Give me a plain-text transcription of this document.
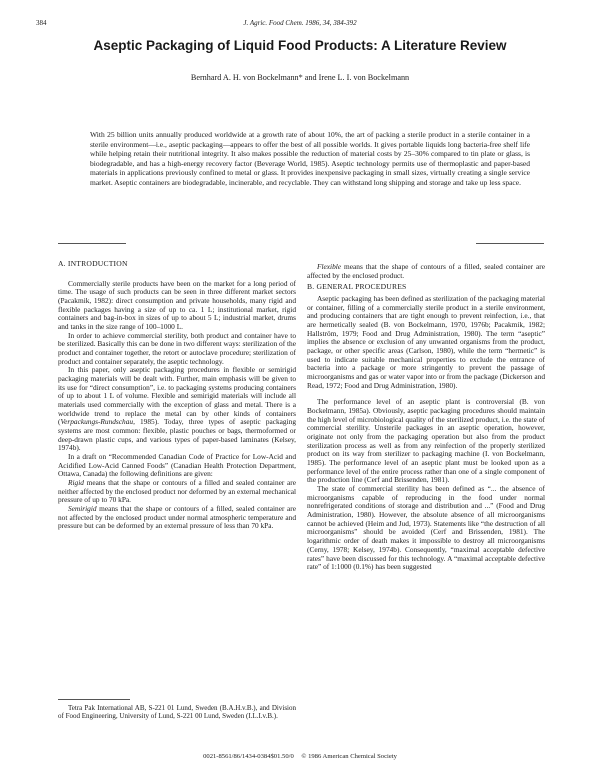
384	J. Agric. Food Chem. 1986, 34, 384-392
Aseptic Packaging of Liquid Food Products: A Literature Review
Bernhard A. H. von Bockelmann* and Irene L. I. von Bockelmann

With 25 billion units annually produced worldwide at a growth rate of about 10%, the art of packing a sterile product in a sterile container in a sterile environment—i.e., aseptic packaging—appears to offer the best of all possible worlds. It gives portable liquids long bacteria-free shelf life while helping retain their nutritional integrity. It also makes possible the reduction of material costs by 25–30% compared to tin plate or glass, is biodegradable, and has a high-energy recovery factor (Beverage World, 1985). Aseptic technology permits use of thermoplastic and paper-based materials in applications previously confined to metal or glass. It provides inexpensive packaging in small sizes, virtually creating a single service market. Aseptic containers are biodegradable, incinerable, and recyclable. They can withstand long shipping and storage and take up less space.

A. INTRODUCTION

Commercially sterile products have been on the market for a long period of time. The usage of such products can be seen in three different market sectors (Pacakmik, 1982): direct consumption and private households, many rigid and flexible packages having a size of up to ca. 1 L; institutional market, rigid containers and bag-in-box in sizes of up to about 5 L; industrial market, drums and tanks in the size range of 100–1000 L.

In order to achieve commercial sterility, both product and container have to be sterilized. Basically this can be done in two different ways: sterilization of the product and container together, the retort or autoclave procedure; sterilization of product and container separately, the aseptic technology.

In this paper, only aseptic packaging procedures in flexible or semirigid packaging materials will be dealt with. Further, main emphasis will be given to its use for “direct consumption”, i.e. to packaging systems producing containers of up to about 1 L of volume. Flexible and semirigid materials will include all materials used commercially with the exception of glass and metal. There is a worldwide trend to replace the metal can by other kinds of containers (Verpackungs-Rundschau, 1985). Today, three types of aseptic packaging systems are most common: flexible, plastic pouches or bags, thermoformed or deep-drawn plastic cups, and various types of paper-based laminates (Kelsey, 1974b).

In a draft on “Recommended Canadian Code of Practice for Low-Acid and Acidified Low-Acid Canned Foods” (Canadian Health Protection Department, Ottawa, Canada) the following definitions are given:

Rigid means that the shape or contours of a filled and sealed container are neither affected by the enclosed product nor deformed by an external mechanical pressure of up to 70 kPa.

Semirigid means that the shape or contours of a filled, sealed container are not affected by the enclosed product under normal atmospheric temperature and pressure but can be deformed by an external pressure of less than 70 kPa.

Flexible means that the shape of contours of a filled, sealed container are affected by the enclosed product.

B. GENERAL PROCEDURES

Aseptic packaging has been defined as sterilization of the packaging material or container, filling of a commercially sterile product in a sterile environment, and producing containers that are tight enough to prevent reinfection, i.e., that are hermetically sealed (B. von Bockelmann, 1970, 1976b; Pacakmik, 1982; Hallström, 1979; Food and Drug Administration, 1980). The term “aseptic” implies the absence or exclusion of any unwanted organisms from the product, package, or other specific areas (Carlson, 1980), while the term “hermetic” is used to indicate suitable mechanical properties to exclude the entrance of bacteria into a package or more stringently to prevent the passage of microorganisms and gas or water vapor into or from the package (Dickerson and Read, 1972; Food and Drug Administration, 1980).

The performance level of an aseptic plant is controversial (B. von Bockelmann, 1985a). Obviously, aseptic packaging procedures should maintain the high level of microbiological quality of the sterilized product, i.e. the state of commercial sterility. Unsterile packages in an aseptic operation, however, originate not only from the packaging operation but also from the product sterilization process as well as from any reinfection of the properly sterilized product on its way from sterilizer to packaging machine (I. von Bockelmann, 1985). The performance level of an aseptic plant must be looked upon as a performance level of the entire process rather than one of a single component of the production line (Cerf and Brissenden, 1981).

The state of commercial sterility has been defined as “... the absence of microorganisms capable of reproducing in the food under normal nonrefrigerated conditions of storage and distribution and ...” (Food and Drug Administration, 1980). However, the absolute absence of all microorganisms cannot be achieved (Heim and Jud, 1973). Statements like “the destruction of all microorganisms” should be avoided (Cerf and Brissenden, 1981). The logarithmic order of death makes it impossible to destroy all microorganisms (Cerny, 1978; Kelsey, 1974b). Consequently, “maximal acceptable defective rates” have been discussed for this technology. A “maximal acceptable defective rate” of 1:1000 (0.1%) has been suggested

Tetra Pak International AB, S-221 01 Lund, Sweden (B.A.H.v.B.), and Division of Food Engineering, University of Lund, S-221 00 Lund, Sweden (I.L.I.v.B.).

0021-8561/86/1434-0384$01.50/0 © 1986 American Chemical Society
